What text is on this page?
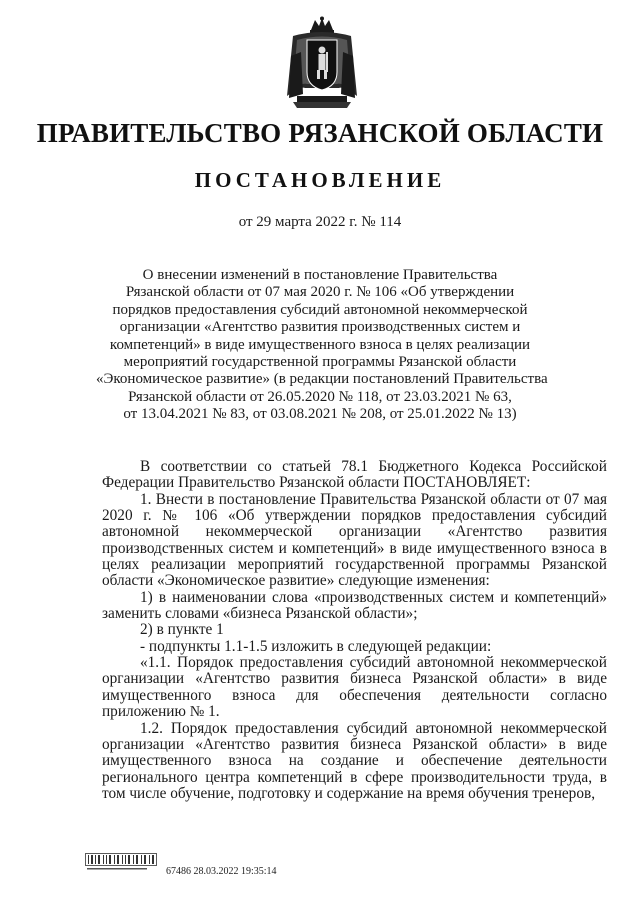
ПРАВИТЕЛЬСТВО РЯЗАНСКОЙ ОБЛАСТИ
ПОСТАНОВЛЕНИЕ
от 29 марта 2022 г. № 114
О внесении изменений в постановление Правительства
Рязанской области от 07 мая 2020 г. № 106 «Об утверждении
порядков предоставления субсидий автономной некоммерческой
организации «Агентство развития производственных систем и
компетенций» в виде имущественного взноса в целях реализации
мероприятий государственной программы Рязанской области
«Экономическое развитие» (в редакции постановлений Правительства
Рязанской области от 26.05.2020 № 118, от 23.03.2021 № 63,
от 13.04.2021 № 83, от 03.08.2021 № 208, от 25.01.2022 № 13)

В соответствии со статьей 78.1 Бюджетного Кодекса Российской Федерации Правительство Рязанской области ПОСТАНОВЛЯЕТ:

1. Внести в постановление Правительства Рязанской области от 07 мая 2020 г. № 106 «Об утверждении порядков предоставления субсидий автономной некоммерческой организации «Агентство развития производственных систем и компетенций» в виде имущественного взноса в целях реализации мероприятий государственной программы Рязанской области «Экономическое развитие» следующие изменения:

1) в наименовании слова «производственных систем и компетенций» заменить словами «бизнеса Рязанской области»;

2) в пункте 1

- подпункты 1.1-1.5 изложить в следующей редакции:

«1.1. Порядок предоставления субсидий автономной некоммерческой организации «Агентство развития бизнеса Рязанской области» в виде имущественного взноса для обеспечения деятельности согласно приложению № 1.

1.2. Порядок предоставления субсидий автономной некоммерческой организации «Агентство развития бизнеса Рязанской области» в виде имущественного взноса на создание и обеспечение деятельности регионального центра компетенций в сфере производительности труда, в том числе обучение, подготовку и содержание на время обучения тренеров,

67486 28.03.2022 19:35:14
